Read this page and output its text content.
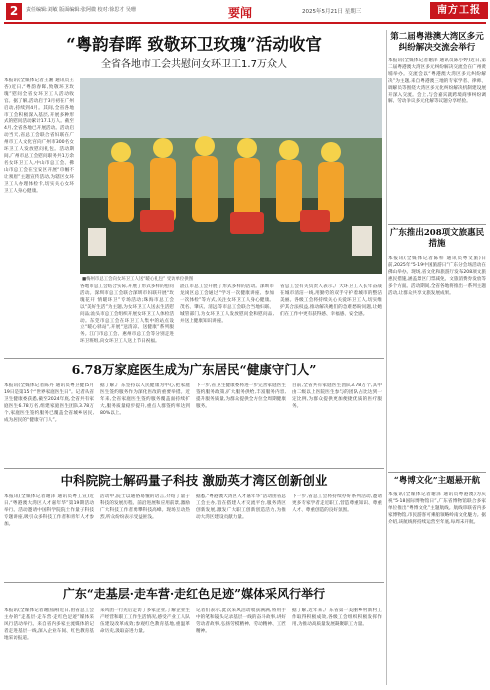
2	责任编辑:刘敏 版面编辑:张阿微 校对:徐思才 吴珊	要闻	2025年5月21日 星期三	南方工报
“粤韵春晖 致敬环卫玫瑰”活动收官
全省各地市工会共慰问女环卫工1.7万众人
本报讯(全媒体记者王湘 通讯员王杏)近日,“粤韵春晖,致敬环卫玫瑰”慰问全省女环卫工人活动收官。据了解,活动启于3月初在广州启动,持续到4月。其间,全省各地市工会积极深入基层,开展多种形式的慰问活动累计17.1万人。截至4月,全省各地已开展活动。活动启动当天,省总工会联合省妇联在广州市工人文化宫向广州市300名女环卫工人发放慰问礼包。活动期间,广州市总工会慰问职务共1万余名女环卫工人,中山市总工会、佛山市总工会在宝安区开展“巾帼不让须眉”主题宣传活动,为辖区女环卫工人办理体检卡,切实关心女环卫工人身心健康。
■梅州市总工会向女环卫工人送“暖心礼包” 受访单位供图
各地市总工会结合实际,开展了形式多样的慰问活动。深圳市总工会联合深圳市妇联开展“玫瑰花开 情暖环卫”专场活动;珠海市总工会以“美好生活”为主题,为女环卫工人送去生活慰问品;汕头市总工会组织开展女环卫工人体检活动。东莞市总工会在环卫工人集中的站点设立“暖心驿站”,开展“送清凉、送健康”系列服务。江门市总工会、惠州市总工会等分别走进环卫班组,向女环卫工人送上节日祝福。
湛江市总工会开展了形式多样的活动。深圳市龙岗区总工会通过“学习一次健康讲座、参加一次体检”等方式,关注女环卫工人身心健康。茂名、肇庆、清远等市总工会联合当地妇联、城管部门,为女环卫工人发放慰问金和慰问品,并送上健康知识讲座。
省总工会有关负责人表示,广大环卫工人长年奋战在城市清洁一线,用勤劳的双手守护着城市的整洁美丽。各级工会将持续关心关爱环卫工人,切实维护其合法权益,推动解决她们的急难愁盼问题,让她们在工作中更有获得感、幸福感、安全感。
6.78万家庭医生成为广东居民“健康守门人”
本报讯(全媒体记者陈丹 通讯员粤卫健)5月19日是第15个“世界家庭医生日”。记者从省卫生健康委获悉,截至2024年底,全省共有家庭医生6.78万名,组建家庭医生团队3.78万个,家庭医生签约服务已覆盖全省城乡居民,成为居民的“健康守门人”。
据了解,广东坚持以人民健康为中心,把家庭医生签约服务作为深化医改的重要举措。近年来,全省家庭医生签约服务覆盖面持续扩大,服务质量稳步提升,重点人群签约率达到80%以上。
下一步,省卫生健康委将进一步完善家庭医生签约服务政策,扩大服务供给,丰富服务内容,提升服务质量,为群众提供全方位全周期健康服务。
目前,全省共有家庭医生团队3.78万个,其中由二级以上医院医生参与的团队占比达到一定比例,为群众提供更加便捷优质的医疗服务。
中科院院士解码量子科技 激励英才湾区创新创业
本报讯(全媒体记者谢泽 通讯员粤工宣)近日,“粤港澳大湾区人才嘉年华”第19期活动举行。活动邀请中国科学院院士作量子科技专题讲座,吸引众多科技工作者和青年人才参加。
活动中,院士以通俗易懂的语言,介绍了量子科技的发展历程、前沿进展和应用前景,激励广大科技工作者勇攀科技高峰。现场互动热烈,听众纷纷表示受益匪浅。
据悉,“粤港澳大湾区人才嘉年华”活动由省总工会主办,旨在搭建人才交流平台,服务湾区创新发展,激发广大职工创新创造活力,为推动大湾区建设贡献力量。
下一步,省总工会将持续办好系列活动,邀请更多专家学者走近职工,营造尊重知识、尊重人才、尊重创造的良好氛围。
广东“走基层·走车营·走红色足迹”媒体采风行举行
本报讯(全媒体记者谢国满)近日,由省总工会主办的“走基层·走车营·走红色足迹”媒体采风行活动举行。来自省内多家主流媒体的记者走进基层一线,深入企业车间、红色教育基地采访报道。
采风团一行先后走访了多家企业,了解企业生产经营和职工工作生活情况,感受产业工人队伍建设改革成效;参观红色教育基地,重温革命历史,汲取奋进力量。
记者们表示,此次采风活动收获满满,将用手中的笔和镜头记录基层一线的奋斗故事,讲好劳动者故事,弘扬劳模精神、劳动精神、工匠精神。
据了解,近年来,广东省第一美丽乡村新村工作取得积极成效,各级工会组织积极发挥作用,为推动高质量发展凝聚职工力量。
第二届粤港澳大湾区多元纠纷解决交流会举行
本报讯(全媒体记者谢泽 通讯员陈小婷)近日,第二届粤港澳大湾区多元纠纷解决交流会在广州黄埔举办。交流会以“粤港澳大湾区多元纠纷解决”为主题,来自粤港澳三地的专家学者、律师、调解员等围绕大湾区多元化纠纷解决机制建设展开深入交流。会上,与会嘉宾就跨境商事纠纷调解、劳动争议多元化解等议题分享经验。
广东推出208项文旅惠民措施
本报讯(全媒体记者陈梓 通讯员粤文旅)日前,2025年“5·19中国旅游日”广东分会场活动在佛山举办。现场,省文化和旅游厅发布208项文旅惠民措施,涵盖景区门票减免、文旅消费券发放等多个方面。活动期间,全省各地将推出一系列主题活动,让群众共享文旅发展成果。
“粤博文化”主题悬开航
本报讯(全媒体记者谢泽 通讯员粤港澳)为庆祝“5·18国际博物馆日”,广东省博物馆联合多家单位推出“粤博文化”主题航线。航线串联省内多家博物馆,市民游客可乘船领略岭南文化魅力。据介绍,该航线将持续运营至年底,每周末开航。
